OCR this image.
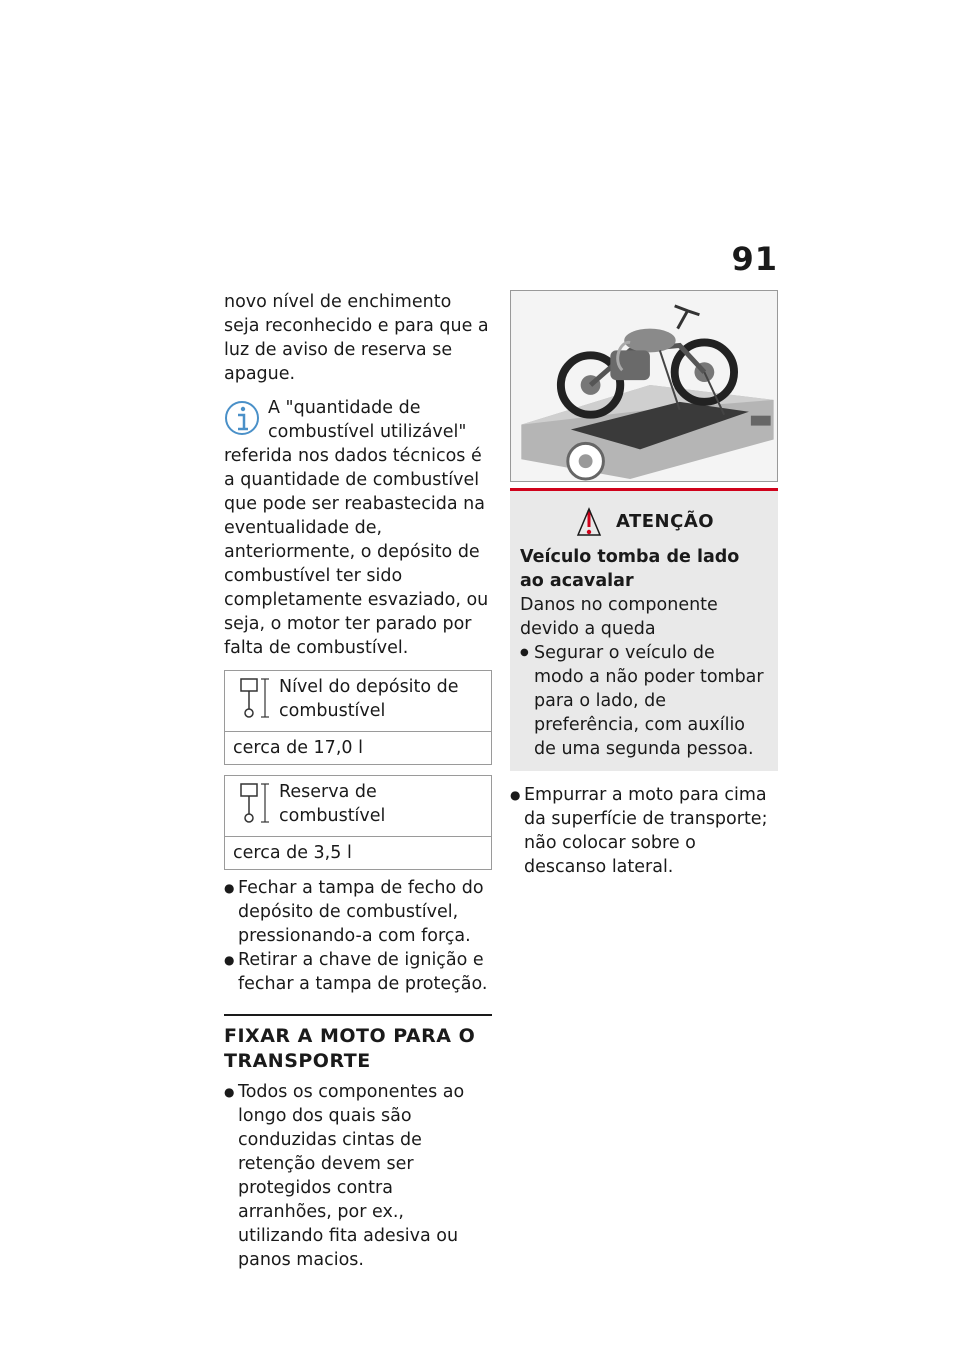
91

novo nível de enchimento seja reconhecido e para que a luz de aviso de reserva se apague.

A "quantidade de combustível utilizável" referida nos dados técnicos é a quantidade de combustível que pode ser reabastecida na eventualidade de, anteriormente, o depósito de combustível ter sido completamente esvaziado, ou seja, o motor ter parado por falta de combustível.

Nível do depósito de combustível
cerca de 17,0 l
Reserva de combustível
cerca de 3,5 l
● Fechar a tampa de fecho do depósito de combustível, pressionando-a com força.
● Retirar a chave de ignição e fechar a tampa de proteção.

FIXAR A MOTO PARA O TRANSPORTE

● Todos os componentes ao longo dos quais são conduzidas cintas de retenção devem ser protegidos contra arranhões, por ex., utilizando fita adesiva ou panos macios.
ATENÇÃO

Veículo tomba de lado ao acavalar

Danos no componente devido a queda

● Segurar o veículo de modo a não poder tombar para o lado, de preferência, com auxílio de uma segunda pessoa.
● Empurrar a moto para cima da superfície de transporte; não colocar sobre o descanso lateral.
